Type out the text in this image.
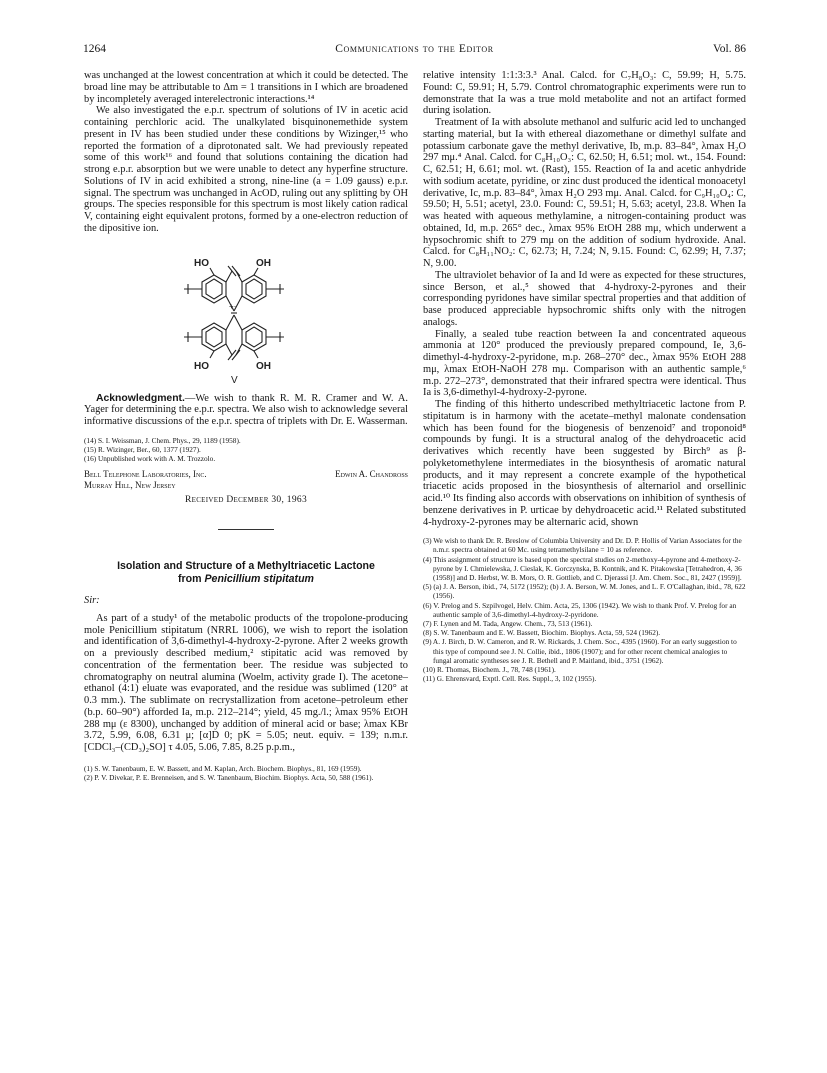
1264	Communications to the Editor	Vol. 86

was unchanged at the lowest concentration at which it could be detected. The broad line may be attributable to Δm = 1 transitions in I which are broadened by incompletely averaged interelectronic interactions.¹⁴

We also investigated the e.p.r. spectrum of solutions of IV in acetic acid containing perchloric acid. The unalkylated bisquinonemethide system present in IV has been studied under these conditions by Wizinger,¹⁵ who reported the formation of a diprotonated salt. We had previously repeated some of this work¹⁶ and found that solutions containing the dication had strong e.p.r. absorption but we were unable to detect any hyperfine structure. Solutions of IV in acid exhibited a strong, nine-line (a = 1.09 gauss) e.p.r. signal. The spectrum was unchanged in AcOD, ruling out any splitting by OH groups. The species responsible for this spectrum is most likely cation radical V, containing eight equivalent protons, formed by a one-electron reduction of the dipositive ion.

HO	OH
HO	OH
+·
V

Acknowledgment.—We wish to thank R. M. R. Cramer and W. A. Yager for determining the e.p.r. spectra. We also wish to acknowledge several informative discussions of the e.p.r. spectra of triplets with Dr. E. Wasserman.

(14) S. I. Weissman, J. Chem. Phys., 29, 1189 (1958).

(15) R. Wizinger, Ber., 60, 1377 (1927).

(16) Unpublished work with A. M. Trozzolo.

Bell Telephone Laboratories, Inc.	Edwin A. Chandross
Murray Hill, New Jersey
Received December 30, 1963
Isolation and Structure of a Methyltriacetic Lactone
from Penicillium stipitatum

Sir:

As part of a study¹ of the metabolic products of the tropolone-producing mole Penicillium stipitatum (NRRL 1006), we wish to report the isolation and identification of 3,6-dimethyl-4-hydroxy-2-pyrone. After 2 weeks growth on a previously described medium,² stipitatic acid was removed by concentration of the fermentation beer. The residue was subjected to chromatography on neutral alumina (Woelm, activity grade I). The acetone–ethanol (4:1) eluate was evaporated, and the residue was sublimed (120° at 0.3 mm.). The sublimate on recrystallization from acetone–petroleum ether (b.p. 60–90°) afforded Ia, m.p. 212–214°; yield, 45 mg./l.; λmax 95% EtOH 288 mμ (ε 8300), unchanged by addition of mineral acid or base; λmax KBr 3.72, 5.99, 6.08, 6.31 μ; [α]D 0; pK = 5.05; neut. equiv. = 139; n.m.r. [CDCl₃–(CD₃)₂SO] τ 4.05, 5.06, 7.85, 8.25 p.p.m.,

(1) S. W. Tanenbaum, E. W. Bassett, and M. Kaplan, Arch. Biochem. Biophys., 81, 169 (1959).

(2) P. V. Divekar, P. E. Brenneisen, and S. W. Tanenbaum, Biochim. Biophys. Acta, 50, 588 (1961).

relative intensity 1:1:3:3.³ Anal. Calcd. for C₇H₈O₃: C, 59.99; H, 5.75. Found: C, 59.91; H, 5.79. Control chromatographic experiments were run to demonstrate that Ia was a true mold metabolite and not an artifact formed during isolation.

Treatment of Ia with absolute methanol and sulfuric acid led to unchanged starting material, but Ia with ethereal diazomethane or dimethyl sulfate and potassium carbonate gave the methyl derivative, Ib, m.p. 83–84°, λmax H₂O 297 mμ.⁴ Anal. Calcd. for C₈H₁₀O₃: C, 62.50; H, 6.51; mol. wt., 154. Found: C, 62.51; H, 6.61; mol. wt. (Rast), 155. Reaction of Ia and acetic anhydride with sodium acetate, pyridine, or zinc dust produced the identical monoacetyl derivative, Ic, m.p. 83–84°, λmax H₂O 293 mμ. Anal. Calcd. for C₉H₁₀O₄: C, 59.50; H, 5.51; acetyl, 23.0. Found: C, 59.51; H, 5.63; acetyl, 23.8. When Ia was heated with aqueous methylamine, a nitrogen-containing product was obtained, Id, m.p. 265° dec., λmax 95% EtOH 288 mμ, which underwent a hypsochromic shift to 279 mμ on the addition of sodium hydroxide. Anal. Calcd. for C₈H₁₁NO₂: C, 62.73; H, 7.24; N, 9.15. Found: C, 62.99; H, 7.37; N, 9.00.

The ultraviolet behavior of Ia and Id were as expected for these structures, since Berson, et al.,⁵ showed that 4-hydroxy-2-pyrones and their corresponding pyridones have similar spectral properties and that addition of base produced appreciable hypsochromic shifts only with the nitrogen analogs.

Finally, a sealed tube reaction between Ia and concentrated aqueous ammonia at 120° produced the previously prepared compound, Ie, 3,6-dimethyl-4-hydroxy-2-pyridone, m.p. 268–270° dec., λmax 95% EtOH 288 mμ, λmax EtOH-NaOH 278 mμ. Comparison with an authentic sample,⁶ m.p. 272–273°, demonstrated that their infrared spectra were identical. Thus Ia is 3,6-dimethyl-4-hydroxy-2-pyrone.

The finding of this hitherto undescribed methyltriacetic lactone from P. stipitatum is in harmony with the acetate–methyl malonate condensation which has been found for the biogenesis of benzenoid⁷ and troponoid⁸ compounds by fungi. It is a structural analog of the dehydroacetic acid derivatives which recently have been suggested by Birch⁹ as β-polyketomethylene intermediates in the biosynthesis of aromatic natural products, and it may represent a concrete example of the hypothetical triacetic acids proposed in the biosynthesis of alternariol and orsellinic acid.¹⁰ Its finding also accords with observations on inhibition of synthesis of benzene derivatives in P. urticae by dehydroacetic acid.¹¹ Related substituted 4-hydroxy-2-pyrones may be alternaric acid, shown

(3) We wish to thank Dr. R. Breslow of Columbia University and Dr. D. P. Hollis of Varian Associates for the n.m.r. spectra obtained at 60 Mc. using tetramethylsilane = 10 as reference.

(4) This assignment of structure is based upon the spectral studies on 2-methoxy-4-pyrone and 4-methoxy-2-pyrone by I. Chmielewska, J. Cieslak, K. Gorczynska, B. Kontnik, and K. Pitakowska [Tetrahedron, 4, 36 (1958)] and D. Herbst, W. B. Mors, O. R. Gottlieb, and C. Djerassi [J. Am. Chem. Soc., 81, 2427 (1959)].

(5) (a) J. A. Berson, ibid., 74, 5172 (1952); (b) J. A. Berson, W. M. Jones, and L. F. O'Callaghan, ibid., 78, 622 (1956).

(6) V. Prelog and S. Szpilvogel, Helv. Chim. Acta, 25, 1306 (1942). We wish to thank Prof. V. Prelog for an authentic sample of 3,6-dimethyl-4-hydroxy-2-pyridone.

(7) F. Lynen and M. Tada, Angew. Chem., 73, 513 (1961).

(8) S. W. Tanenbaum and E. W. Bassett, Biochim. Biophys. Acta, 59, 524 (1962).

(9) A. J. Birch, D. W. Cameron, and R. W. Rickards, J. Chem. Soc., 4395 (1960). For an early suggestion to this type of compound see J. N. Collie, ibid., 1806 (1907); and for other recent chemical analogies to fungal aromatic syntheses see J. R. Bethell and P. Maitland, ibid., 3751 (1962).

(10) R. Thomas, Biochem. J., 78, 748 (1961).

(11) G. Ehrensvard, Exptl. Cell. Res. Suppl., 3, 102 (1955).
